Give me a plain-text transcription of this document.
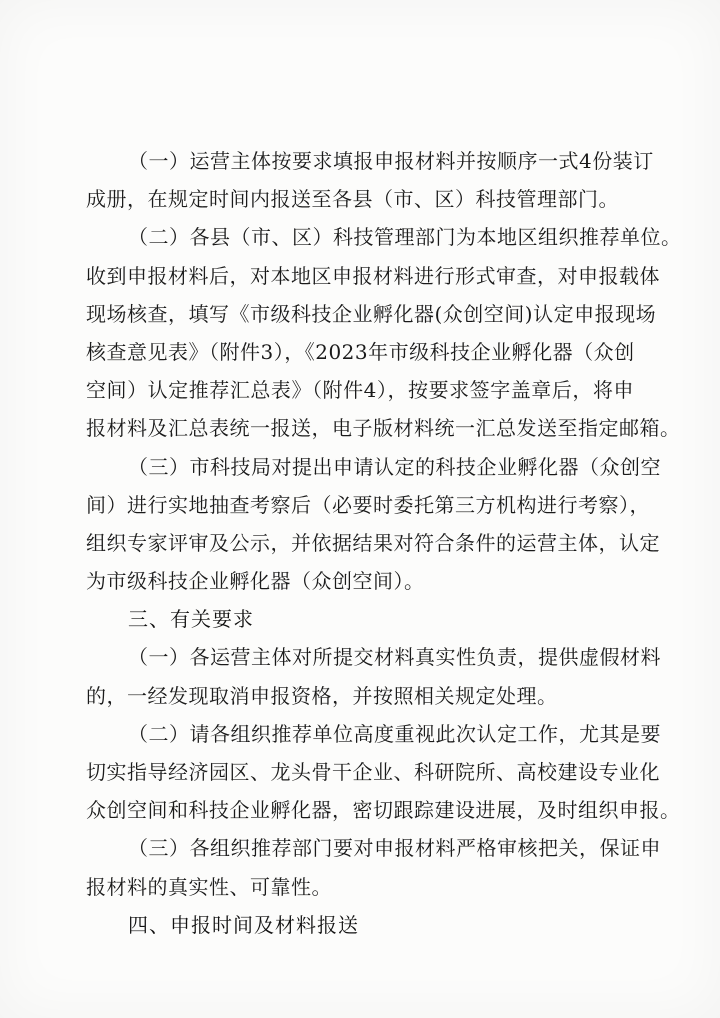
（一）运营主体按要求填报申报材料并按顺序一式4份装订
成册，在规定时间内报送至各县（市、区）科技管理部门。
（二）各县（市、区）科技管理部门为本地区组织推荐单位。
收到申报材料后，对本地区申报材料进行形式审查，对申报载体
现场核查，填写《市级科技企业孵化器(众创空间)认定申报现场
核查意见表》（附件3），《2023年市级科技企业孵化器（众创
空间）认定推荐汇总表》（附件4），按要求签字盖章后，将申
报材料及汇总表统一报送，电子版材料统一汇总发送至指定邮箱。
（三）市科技局对提出申请认定的科技企业孵化器（众创空
间）进行实地抽查考察后（必要时委托第三方机构进行考察），
组织专家评审及公示，并依据结果对符合条件的运营主体，认定
为市级科技企业孵化器（众创空间）。
三、有关要求
（一）各运营主体对所提交材料真实性负责，提供虚假材料
的，一经发现取消申报资格，并按照相关规定处理。
（二）请各组织推荐单位高度重视此次认定工作，尤其是要
切实指导经济园区、龙头骨干企业、科研院所、高校建设专业化
众创空间和科技企业孵化器，密切跟踪建设进展，及时组织申报。
（三）各组织推荐部门要对申报材料严格审核把关，保证申
报材料的真实性、可靠性。
四、申报时间及材料报送
